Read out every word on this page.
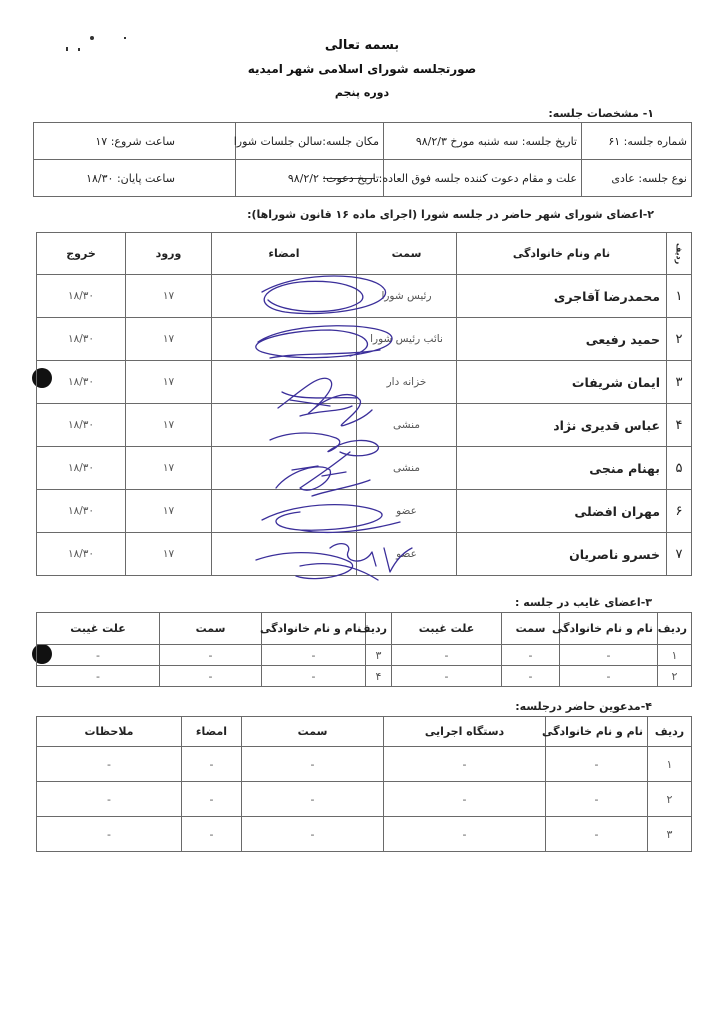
بسمه تعالی
صورتجلسه شورای اسلامی شهر امیدیه
دوره پنجم
۱- مشخصات جلسه:
شماره جلسه: ۶۱	تاریخ جلسه: سه شنبه مورخ ۹۸/۲/۳	مکان جلسه:سالن جلسات شورا	ساعت شروع: ۱۷
نوع جلسه: عادی	علت و مقام دعوت کننده جلسه فوق العاده:	تاریخ دعوت: ۹۸/۲/۲	ساعت پایان: ۱۸/۳۰
۲-اعضای شورای شهر حاضر در جلسه شورا (اجرای ماده ۱۶ قانون شوراها):
ردیف	نام ونام خانوادگی	سمت	امضاء	ورود	خروج
۱	محمدرضا آقاجری	رئیس شورا		۱۷	۱۸/۳۰
۲	حمید رفیعی	نائب رئیس شورا		۱۷	۱۸/۳۰
۳	ایمان شریفات	خزانه دار		۱۷	۱۸/۳۰
۴	عباس قدیری نژاد	منشی		۱۷	۱۸/۳۰
۵	بهنام منجی	منشی		۱۷	۱۸/۳۰
۶	مهران افضلی	عضو		۱۷	۱۸/۳۰
۷	خسرو ناصریان	عضو		۱۷	۱۸/۳۰
۳-اعضای غایب در جلسه :
ردیف	نام و نام خانوادگی	سمت	علت غیبت	ردیف	نام و نام خانوادگی	سمت	علت غیبت
۱	-	-	-	۳	-	-	-
۲	-	-	-	۴	-	-	-
۴-مدعوین حاضر درجلسه:
ردیف	نام و نام خانوادگی	دستگاه اجرایی	سمت	امضاء	ملاحظات
۱	-	-	-	-	-
۲	-	-	-	-	-
۳	-	-	-	-	-
